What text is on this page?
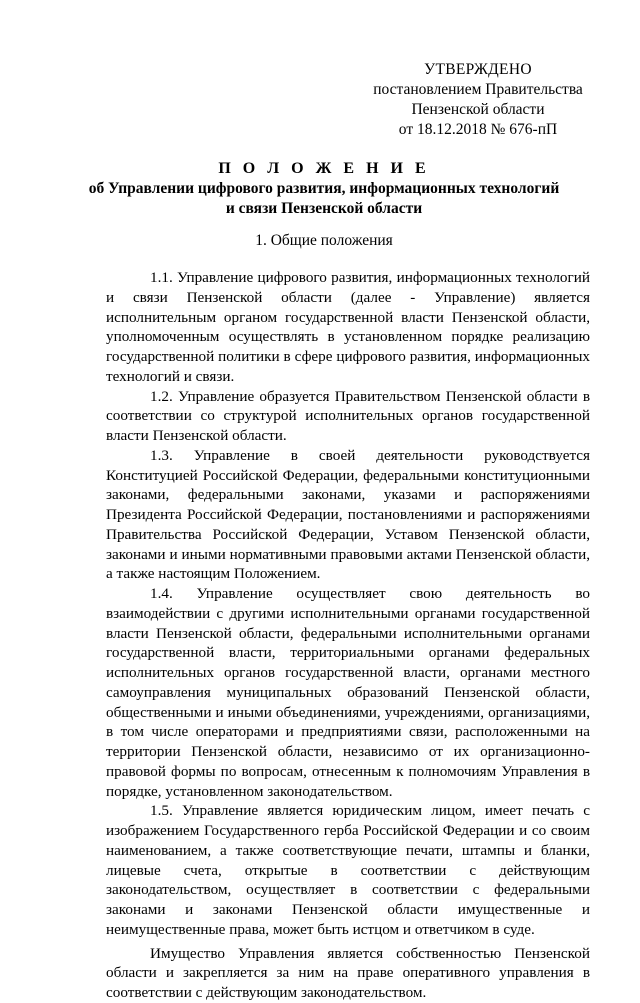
УТВЕРЖДЕНО
постановлением Правительства
Пензенской области
от 18.12.2018 № 676-пП
П О Л О Ж Е Н И Е
об Управлении цифрового развития, информационных технологий
и связи Пензенской области
1. Общие положения

1.1. Управление цифрового развития, информационных технологий и связи Пензенской области (далее - Управление) является исполнительным органом государственной власти Пензенской области, уполномоченным осуществлять в установленном порядке реализацию государственной политики в сфере цифрового развития, информационных технологий и связи.

1.2. Управление образуется Правительством Пензенской области в соответствии со структурой исполнительных органов государственной власти Пензенской области.

1.3. Управление в своей деятельности руководствуется Конституцией Российской Федерации, федеральными конституционными законами, федеральными законами, указами и распоряжениями Президента Российской Федерации, постановлениями и распоряжениями Правительства Российской Федерации, Уставом Пензенской области, законами и иными нормативными правовыми актами Пензенской области, а также настоящим Положением.

1.4. Управление осуществляет свою деятельность во взаимодействии с другими исполнительными органами государственной власти Пензенской области, федеральными исполнительными органами государственной власти, территориальными органами федеральных исполнительных органов государственной власти, органами местного самоуправления муниципальных образований Пензенской области, общественными и иными объединениями, учреждениями, организациями, в том числе операторами и предприятиями связи, расположенными на территории Пензенской области, независимо от их организационно-правовой формы по вопросам, отнесенным к полномочиям Управления в порядке, установленном законодательством.

1.5. Управление является юридическим лицом, имеет печать с изображением Государственного герба Российской Федерации и со своим наименованием, а также соответствующие печати, штампы и бланки, лицевые счета, открытые в соответствии с действующим законодательством, осуществляет в соответствии с федеральными законами и законами Пензенской области имущественные и неимущественные права, может быть истцом и ответчиком в суде.

Имущество Управления является собственностью Пензенской области и закрепляется за ним на праве оперативного управления в соответствии с действующим законодательством.
